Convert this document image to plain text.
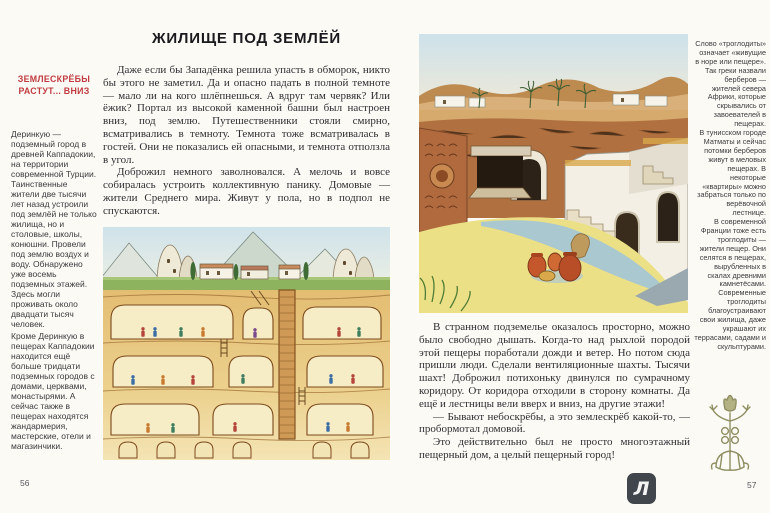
ЗЕМЛЕСКРЁБЫ РАСТУТ... ВНИЗ

Деринкую — подземный город в древней Каппадокии, на территории современной Турции. Таинственные жители две тысячи лет назад устроили под землёй не только жилища, но и столовые, школы, конюшни. Провели под землю воздух и воду. Обнаружено уже восемь подземных этажей. Здесь могли проживать около двадцати тысяч человек.

Кроме Деринкую в пещерах Каппадокии находится ещё больше тридцати подземных городов с домами, церквами, монастырями. А сейчас также в пещерах находятся жандармерия, мастерские, отели и магазинчики.

ЖИЛИЩЕ ПОД ЗЕМЛЁЙ

Даже если бы Западёнка решила упасть в обморок, никто бы этого не заметил. Да и опасно падать в полной темноте — мало ли на кого шлёпнешься. А вдруг там червяк? Или ёжик? Портал из высокой каменной башни был настроен вниз, под землю. Путешественники стояли смирно, всматривались в темноту. Темнота тоже всматривалась в гостей. Они не показались ей опасными, и темнота отползла в угол.

Доброжил немного заволновался. А мелочь и вовсе собиралась устроить коллективную панику. Домовые — жители Среднего мира. Живут у пола, но в подпол не спускаются.

56

В странном подземелье оказалось просторно, можно было свободно дышать. Когда-то над рыхлой породой этой пещеры поработали дожди и ветер. Но потом сюда пришли люди. Сделали вентиляционные шахты. Тысячи шахт! Доброжил потихоньку двинулся по сумрачному коридору. От коридора отходили в сторону комнаты. Да ещё и лестницы вели вверх и вниз, на другие этажи!

— Бывают небоскрёбы, а это землескрёб какой-то, — пробормотал домовой.

Это действительно был не просто многоэтажный пещерный дом, а целый пещерный город!

Слово «троглодиты» означает «живущие в норе или пещере». Так греки назвали берберов — жителей севера Африки, которые скрывались от завоевателей в пещерах.

В тунисском городе Матматы и сейчас потомки берберов живут в меловых пещерах. В некоторые «квартиры» можно забраться только по верёвочной лестнице.

В современной Франции тоже есть троглодиты — жители пещер. Они селятся в пещерах, вырубленных в скалах древними камнетёсами. Современные троглодиты благоустраивают свои жилища, даже украшают их террасами, садами и скульптурами.

Л	57
